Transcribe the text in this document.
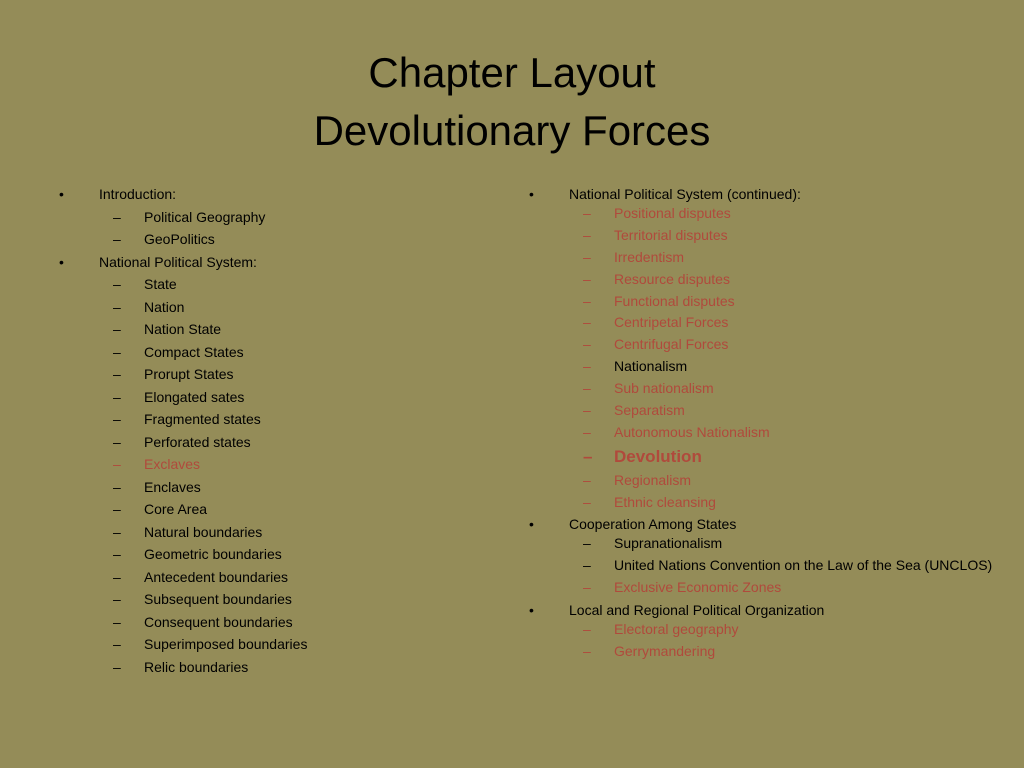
Chapter Layout
Devolutionary Forces
•	Introduction:
– Political Geography
– GeoPolitics
•	National Political System:
– State
– Nation
– Nation State
– Compact States
– Prorupt States
– Elongated sates
– Fragmented states
– Perforated states
– Exclaves
– Enclaves
– Core Area
– Natural boundaries
– Geometric boundaries
– Antecedent boundaries
– Subsequent boundaries
– Consequent boundaries
– Superimposed boundaries
– Relic boundaries
•	National Political System (continued):
– Positional disputes
– Territorial disputes
– Irredentism
– Resource disputes
– Functional disputes
– Centripetal Forces
– Centrifugal Forces
– Nationalism
– Sub nationalism
– Separatism
– Autonomous Nationalism
– Devolution
– Regionalism
– Ethnic cleansing
•	Cooperation Among States
– Supranationalism
– United Nations Convention on the Law of the Sea (UNCLOS)
– Exclusive Economic Zones
•	Local and Regional Political Organization
– Electoral geography
– Gerrymandering
